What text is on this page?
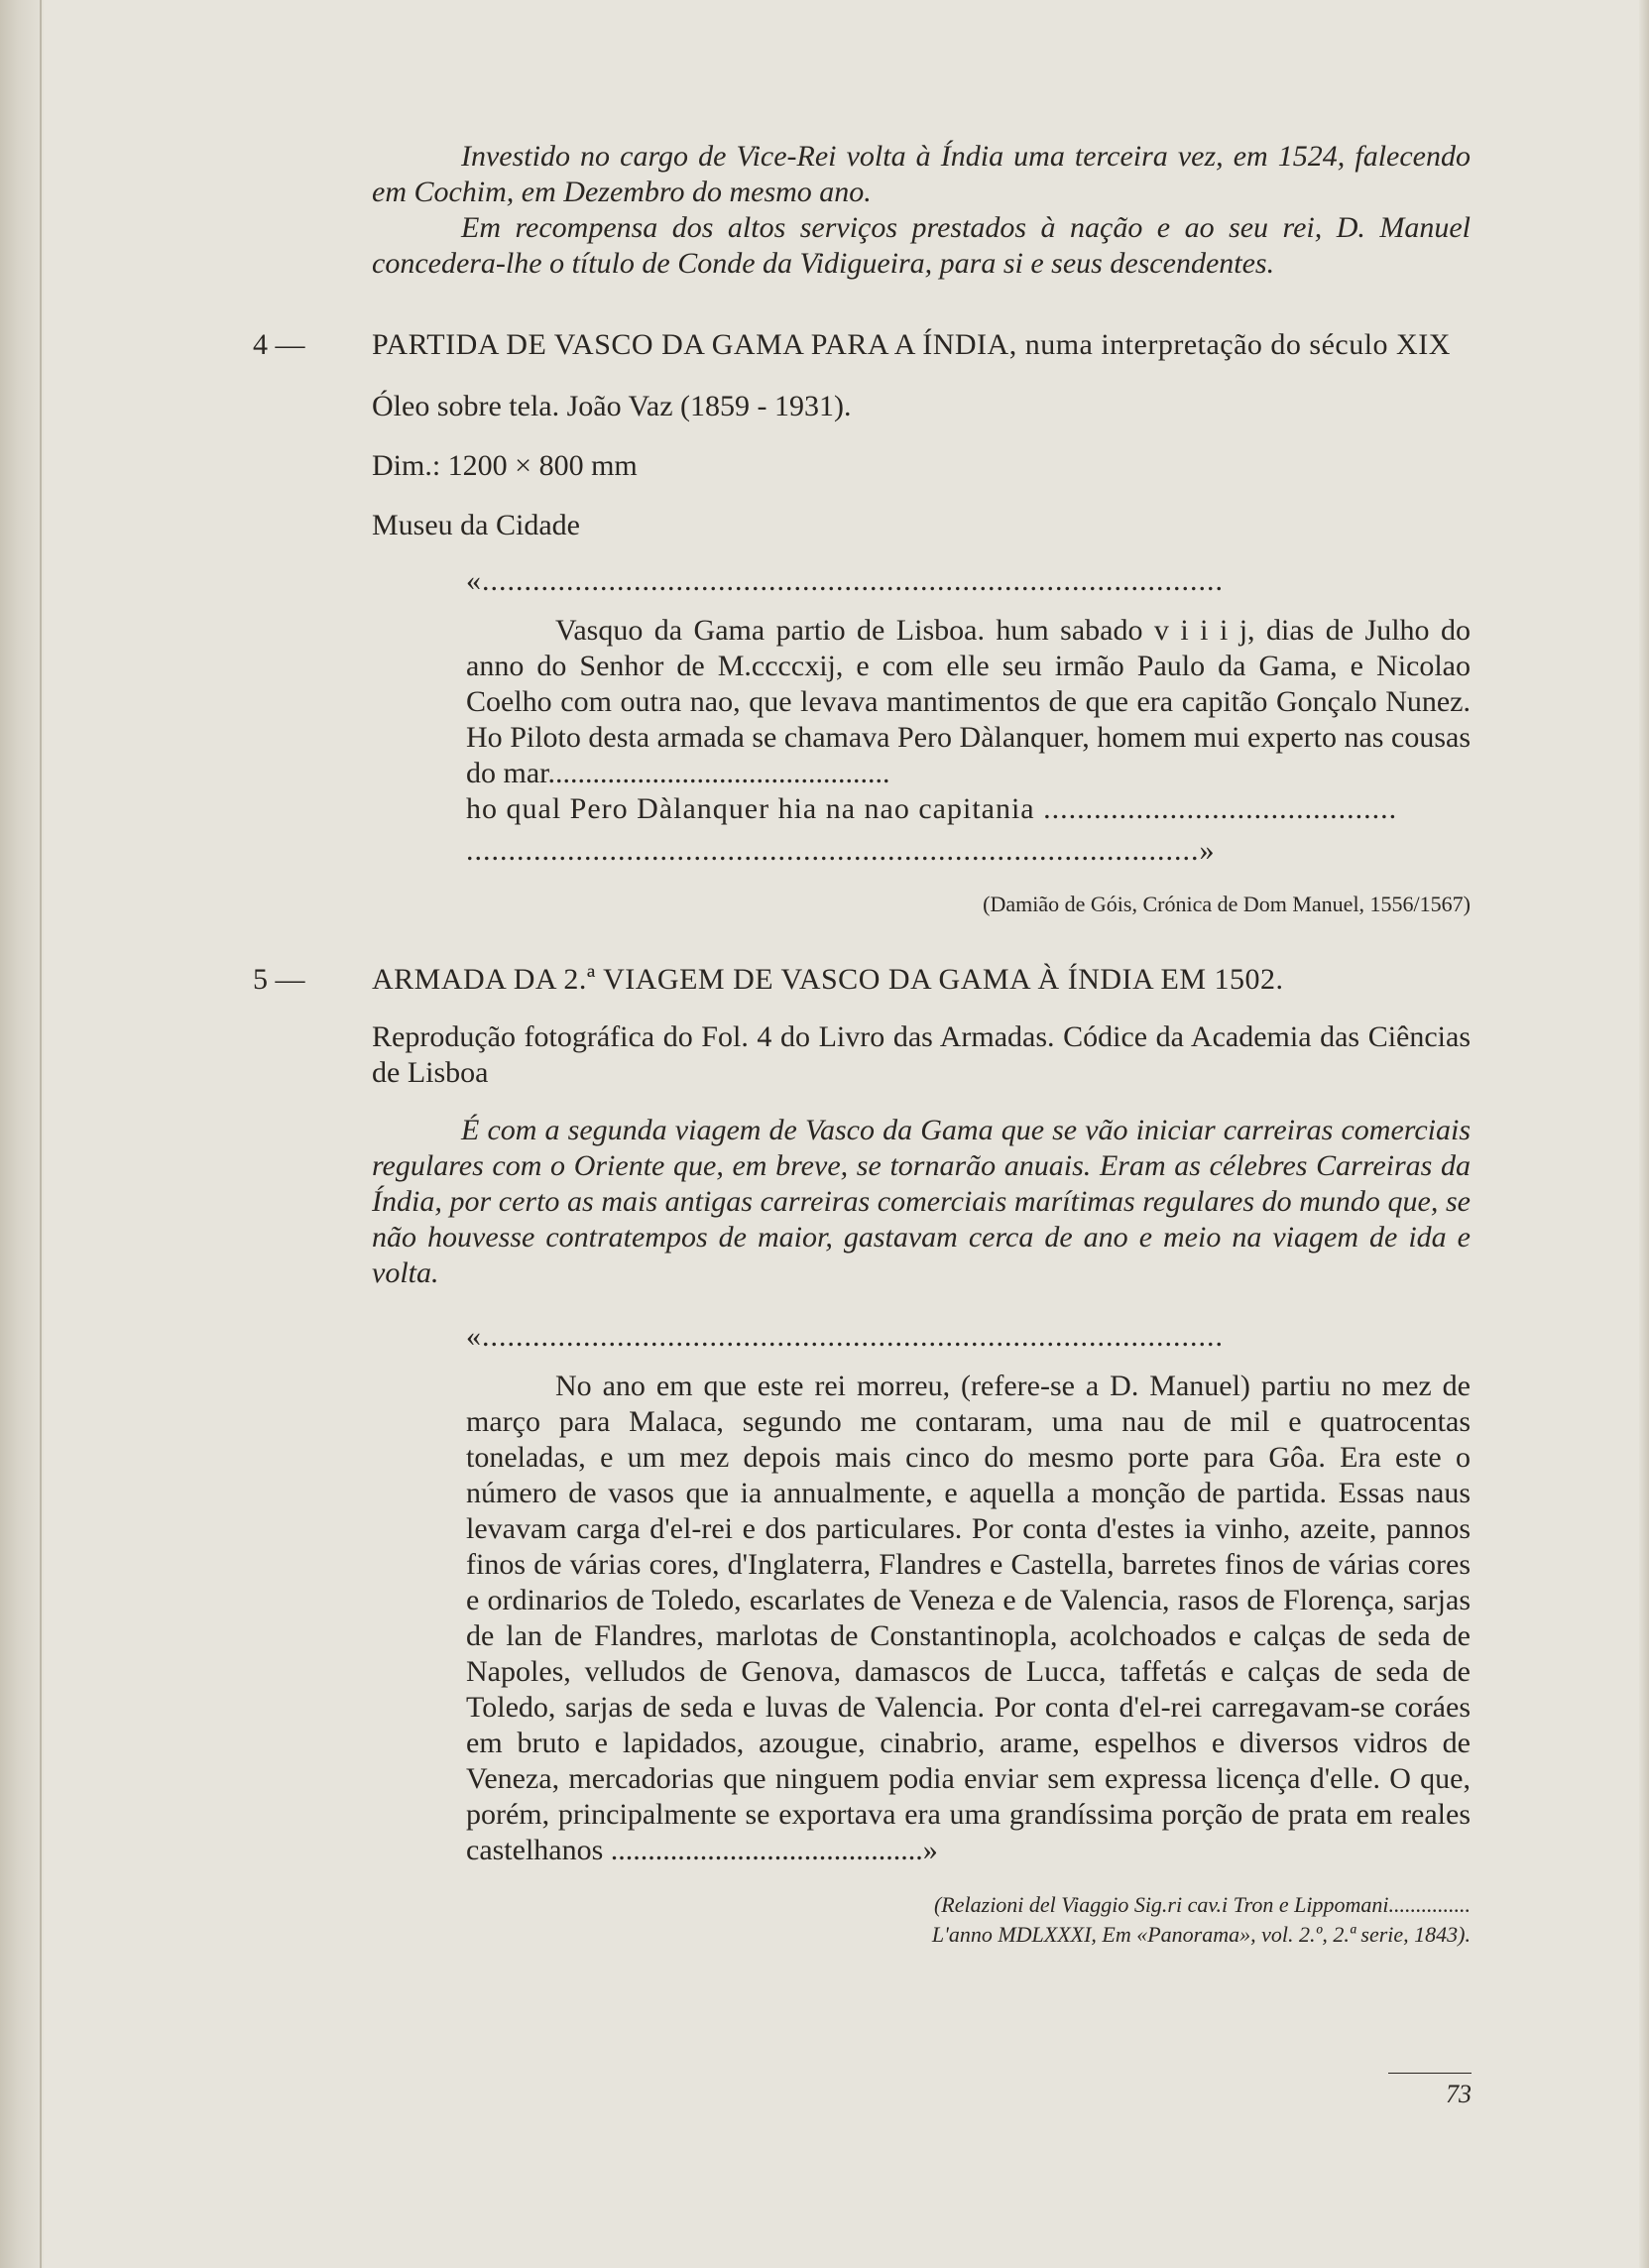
Investido no cargo de Vice-Rei volta à Índia uma terceira vez, em 1524, falecendo em Cochim, em Dezembro do mesmo ano.

Em recompensa dos altos serviços prestados à nação e ao seu rei, D. Manuel concedera-lhe o título de Conde da Vidigueira, para si e seus descendentes.

4 — PARTIDA DE VASCO DA GAMA PARA A ÍNDIA, numa interpretação do século XIX

Óleo sobre tela. João Vaz (1859 - 1931).

Dim.: 1200 × 800 mm

Museu da Cidade

«........................................................................................

Vasquo da Gama partio de Lisboa. hum sabado v i i i j, dias de Julho do anno do Senhor de M.ccccxij, e com elle seu irmão Paulo da Gama, e Nicolao Coelho com outra nao, que levava mantimentos de que era capitão Gonçalo Nunez. Ho Piloto desta armada se chamava Pero Dàlanquer, homem mui experto nas cousas do mar..............................................

ho qual Pero Dàlanquer hia na nao capitania ..........................................

.......................................................................................»

(Damião de Góis, Crónica de Dom Manuel, 1556/1567)

5 — ARMADA DA 2.ª VIAGEM DE VASCO DA GAMA À ÍNDIA EM 1502.

Reprodução fotográfica do Fol. 4 do Livro das Armadas. Códice da Academia das Ciências de Lisboa

É com a segunda viagem de Vasco da Gama que se vão iniciar carreiras comerciais regulares com o Oriente que, em breve, se tornarão anuais. Eram as célebres Carreiras da Índia, por certo as mais antigas carreiras comerciais marítimas regulares do mundo que, se não houvesse contratempos de maior, gastavam cerca de ano e meio na viagem de ida e volta.

«........................................................................................

No ano em que este rei morreu, (refere-se a D. Manuel) partiu no mez de março para Malaca, segundo me contaram, uma nau de mil e quatrocentas toneladas, e um mez depois mais cinco do mesmo porte para Gôa. Era este o número de vasos que ia annualmente, e aquella a monção de partida. Essas naus levavam carga d'el-rei e dos particulares. Por conta d'estes ia vinho, azeite, pannos finos de várias cores, d'Inglaterra, Flandres e Castella, barretes finos de várias cores e ordinarios de Toledo, escarlates de Veneza e de Valencia, rasos de Florença, sarjas de lan de Flandres, marlotas de Constantinopla, acolchoados e calças de seda de Napoles, velludos de Genova, damascos de Lucca, taffetás e calças de seda de Toledo, sarjas de seda e luvas de Valencia. Por conta d'el-rei carregavam-se coráes em bruto e lapidados, azougue, cinabrio, arame, espelhos e diversos vidros de Veneza, mercadorias que ninguem podia enviar sem expressa licença d'elle. O que, porém, principalmente se exportava era uma grandíssima porção de prata em reales castelhanos ..........................................»

(Relazioni del Viaggio Sig.ri cav.i Tron e Lippomani...............

L'anno MDLXXXI, Em «Panorama», vol. 2.º, 2.ª serie, 1843).

73
